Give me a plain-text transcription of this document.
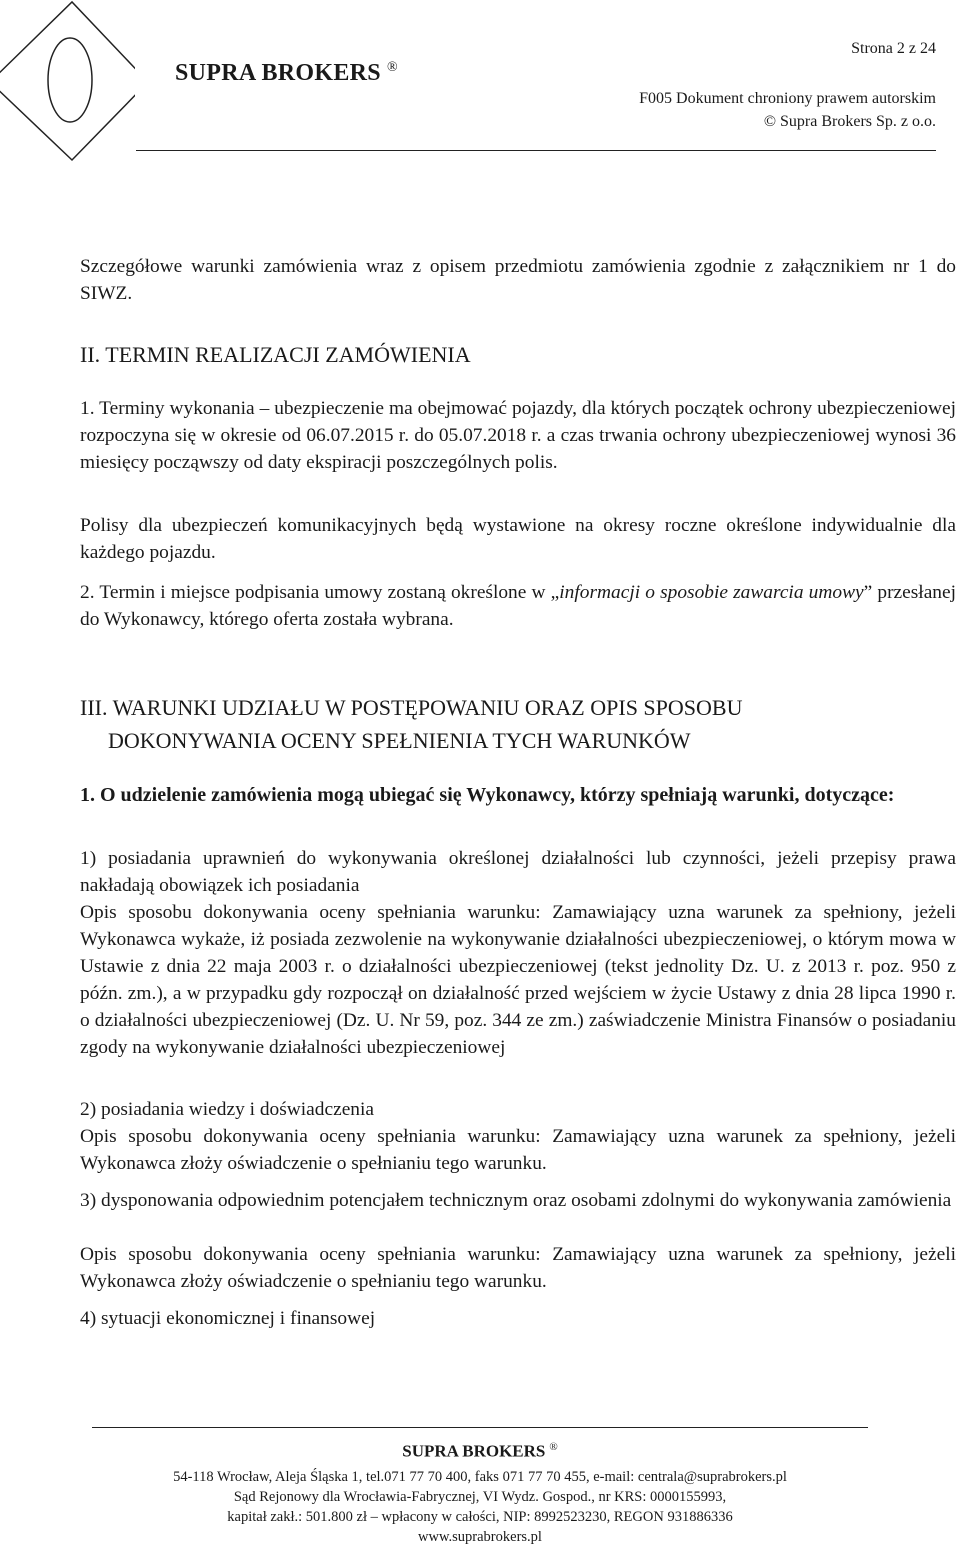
SUPRA BROKERS ®
Strona 2 z 24
F005 Dokument chroniony prawem autorskim
© Supra Brokers Sp. z o.o.
Szczegółowe warunki zamówienia wraz z opisem przedmiotu zamówienia zgodnie z załącznikiem nr 1 do SIWZ.
II. TERMIN REALIZACJI ZAMÓWIENIA
1. Terminy wykonania – ubezpieczenie ma obejmować pojazdy, dla których początek ochrony ubezpieczeniowej rozpoczyna się w okresie od 06.07.2015 r. do 05.07.2018 r. a czas trwania ochrony ubezpieczeniowej wynosi 36 miesięcy począwszy od daty ekspiracji poszczególnych polis.
Polisy dla ubezpieczeń komunikacyjnych będą wystawione na okresy roczne określone indywidualnie dla każdego pojazdu.
2. Termin i miejsce podpisania umowy zostaną określone w „informacji o sposobie zawarcia umowy” przesłanej do Wykonawcy, którego oferta została wybrana.
III. WARUNKI UDZIAŁU W POSTĘPOWANIU ORAZ OPIS SPOSOBU
DOKONYWANIA OCENY SPEŁNIENIA TYCH WARUNKÓW
1. O udzielenie zamówienia mogą ubiegać się Wykonawcy, którzy spełniają warunki, dotyczące:
1) posiadania uprawnień do wykonywania określonej działalności lub czynności, jeżeli przepisy prawa nakładają obowiązek ich posiadania
Opis sposobu dokonywania oceny spełniania warunku: Zamawiający uzna warunek za spełniony, jeżeli Wykonawca wykaże, iż posiada zezwolenie na wykonywanie działalności ubezpieczeniowej, o którym mowa w Ustawie z dnia 22 maja 2003 r. o działalności ubezpieczeniowej (tekst jednolity Dz. U. z 2013 r. poz. 950 z późn. zm.), a w przypadku gdy rozpoczął on działalność przed wejściem w życie Ustawy z dnia 28 lipca 1990 r. o działalności ubezpieczeniowej (Dz. U. Nr 59, poz. 344 ze zm.) zaświadczenie Ministra Finansów o posiadaniu zgody na wykonywanie działalności ubezpieczeniowej
2) posiadania wiedzy i doświadczenia
Opis sposobu dokonywania oceny spełniania warunku: Zamawiający uzna warunek za spełniony, jeżeli Wykonawca złoży oświadczenie o spełnianiu tego warunku.
3) dysponowania odpowiednim potencjałem technicznym oraz osobami zdolnymi do wykonywania zamówienia
Opis sposobu dokonywania oceny spełniania warunku: Zamawiający uzna warunek za spełniony, jeżeli Wykonawca złoży oświadczenie o spełnianiu tego warunku.
4) sytuacji ekonomicznej i finansowej
SUPRA BROKERS ®
54-118 Wrocław, Aleja Śląska 1, tel.071 77 70 400, faks 071 77 70 455, e-mail: centrala@suprabrokers.pl
Sąd Rejonowy dla Wrocławia-Fabrycznej, VI Wydz. Gospod., nr KRS: 0000155993,
kapitał zakł.: 501.800 zł – wpłacony w całości, NIP: 8992523230, REGON 931886336
www.suprabrokers.pl
